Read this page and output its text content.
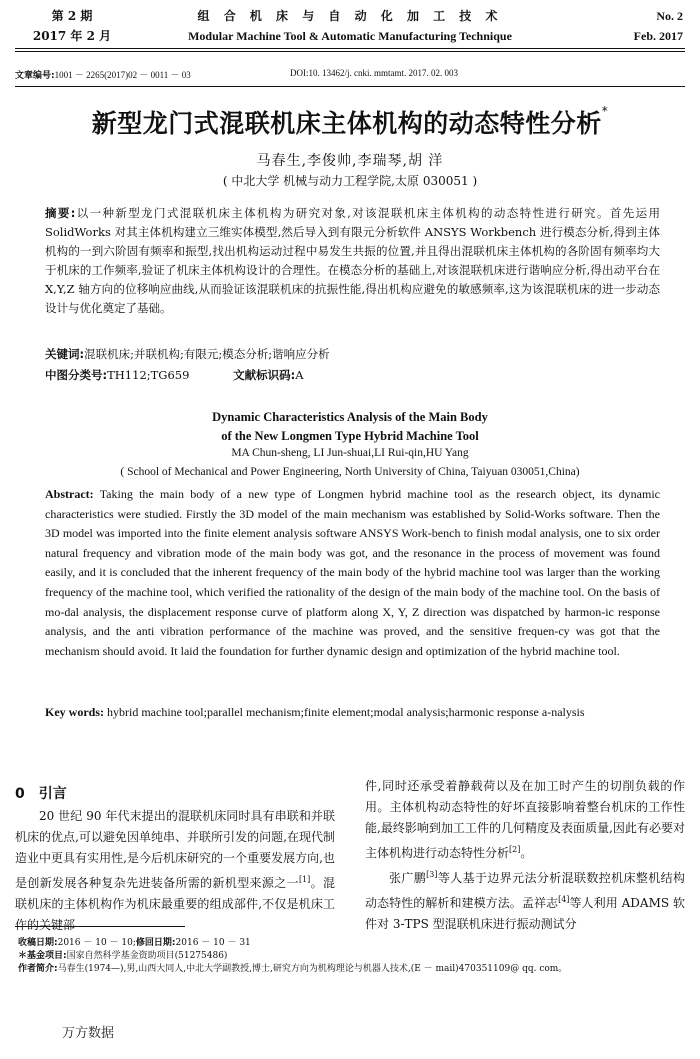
第 2 期
2017 年 2 月
组 合 机 床 与 自 动 化 加 工 技 术
Modular Machine Tool & Automatic Manufacturing Technique
No. 2
Feb. 2017
文章编号:1001 － 2265(2017)02 － 0011 － 03	DOI:10. 13462/j. cnki. mmtamt. 2017. 02. 003
新型龙门式混联机床主体机构的动态特性分析*
马春生,李俊帅,李瑞琴,胡 洋
( 中北大学 机械与动力工程学院,太原 030051 )
摘要:以一种新型龙门式混联机床主体机构为研究对象,对该混联机床主体机构的动态特性进行研究。首先运用 SolidWorks 对其主体机构建立三维实体模型,然后导入到有限元分析软件 ANSYS Workbench 进行模态分析,得到主体机构的一到六阶固有频率和振型,找出机构运动过程中易发生共振的位置,并且得出混联机床主体机构的各阶固有频率均大于机床的工作频率,验证了机床主体机构设计的合理性。在模态分析的基础上,对该混联机床进行谐响应分析,得出动平台在 X,Y,Z 轴方向的位移响应曲线,从而验证该混联机床的抗振性能,得出机构应避免的敏感频率,这为该混联机床的进一步动态设计与优化奠定了基础。
关键词:混联机床;并联机构;有限元;模态分析;谐响应分析
中图分类号:TH112;TG659	文献标识码:A
Dynamic Characteristics Analysis of the Main Body
of the New Longmen Type Hybrid Machine Tool
MA Chun-sheng, LI Jun-shuai,LI Rui-qin,HU Yang
( School of Mechanical and Power Engineering, North University of China, Taiyuan 030051,China)
Abstract: Taking the main body of a new type of Longmen hybrid machine tool as the research object, its dynamic characteristics were studied. Firstly the 3D model of the main mechanism was established by Solid-Works software. Then the 3D model was imported into the finite element analysis software ANSYS Work-bench to finish modal analysis, one to six order natural frequency and vibration mode of the main body was got, and the resonance in the process of movement was found easily, and it is concluded that the inherent frequency of the main body of the hybrid machine tool was larger than the working frequency of the machine tool, which verified the rationality of the design of the main body of the machine tool. On the basis of mo-dal analysis, the displacement response curve of platform along X, Y, Z direction was dispatched by harmon-ic response analysis, and the anti vibration performance of the machine was proved, and the sensitive frequen-cy was got that the mechanism should avoid. It laid the foundation for further dynamic design and optimization of the hybrid machine tool.
Key words: hybrid machine tool;parallel mechanism;finite element;modal analysis;harmonic response a-nalysis
0 引言
20 世纪 90 年代末提出的混联机床同时具有串联和并联机床的优点,可以避免因单纯串、并联所引发的问题,在现代制造业中更具有实用性,是今后机床研究的一个重要发展方向,也是创新发展各种复杂先进装备所需的新机型来源之一[1]。混联机床的主体机构作为机床最重要的组成部件,不仅是机床工作的关键部

件,同时还承受着静载荷以及在加工时产生的切削负载的作用。主体机构动态特性的好坏直接影响着整台机床的工作性能,最终影响到加工工件的几何精度及表面质量,因此有必要对主体机构进行动态特性分析[2]。

张广鹏[3]等人基于边界元法分析混联数控机床整机结构动态特性的解析和建模方法。孟祥志[4]等人利用 ADAMS 软件对 3-TPS 型混联机床进行振动测试分

收稿日期:2016 － 10 － 10;修回日期:2016 － 10 － 31
＊基金项目:国家自然科学基金资助项目(51275486)
作者简介:马春生(1974—),男,山西大同人,中北大学副教授,博士,研究方向为机构理论与机器人技术,(E － mail)470351109@ qq. com。
万方数据
